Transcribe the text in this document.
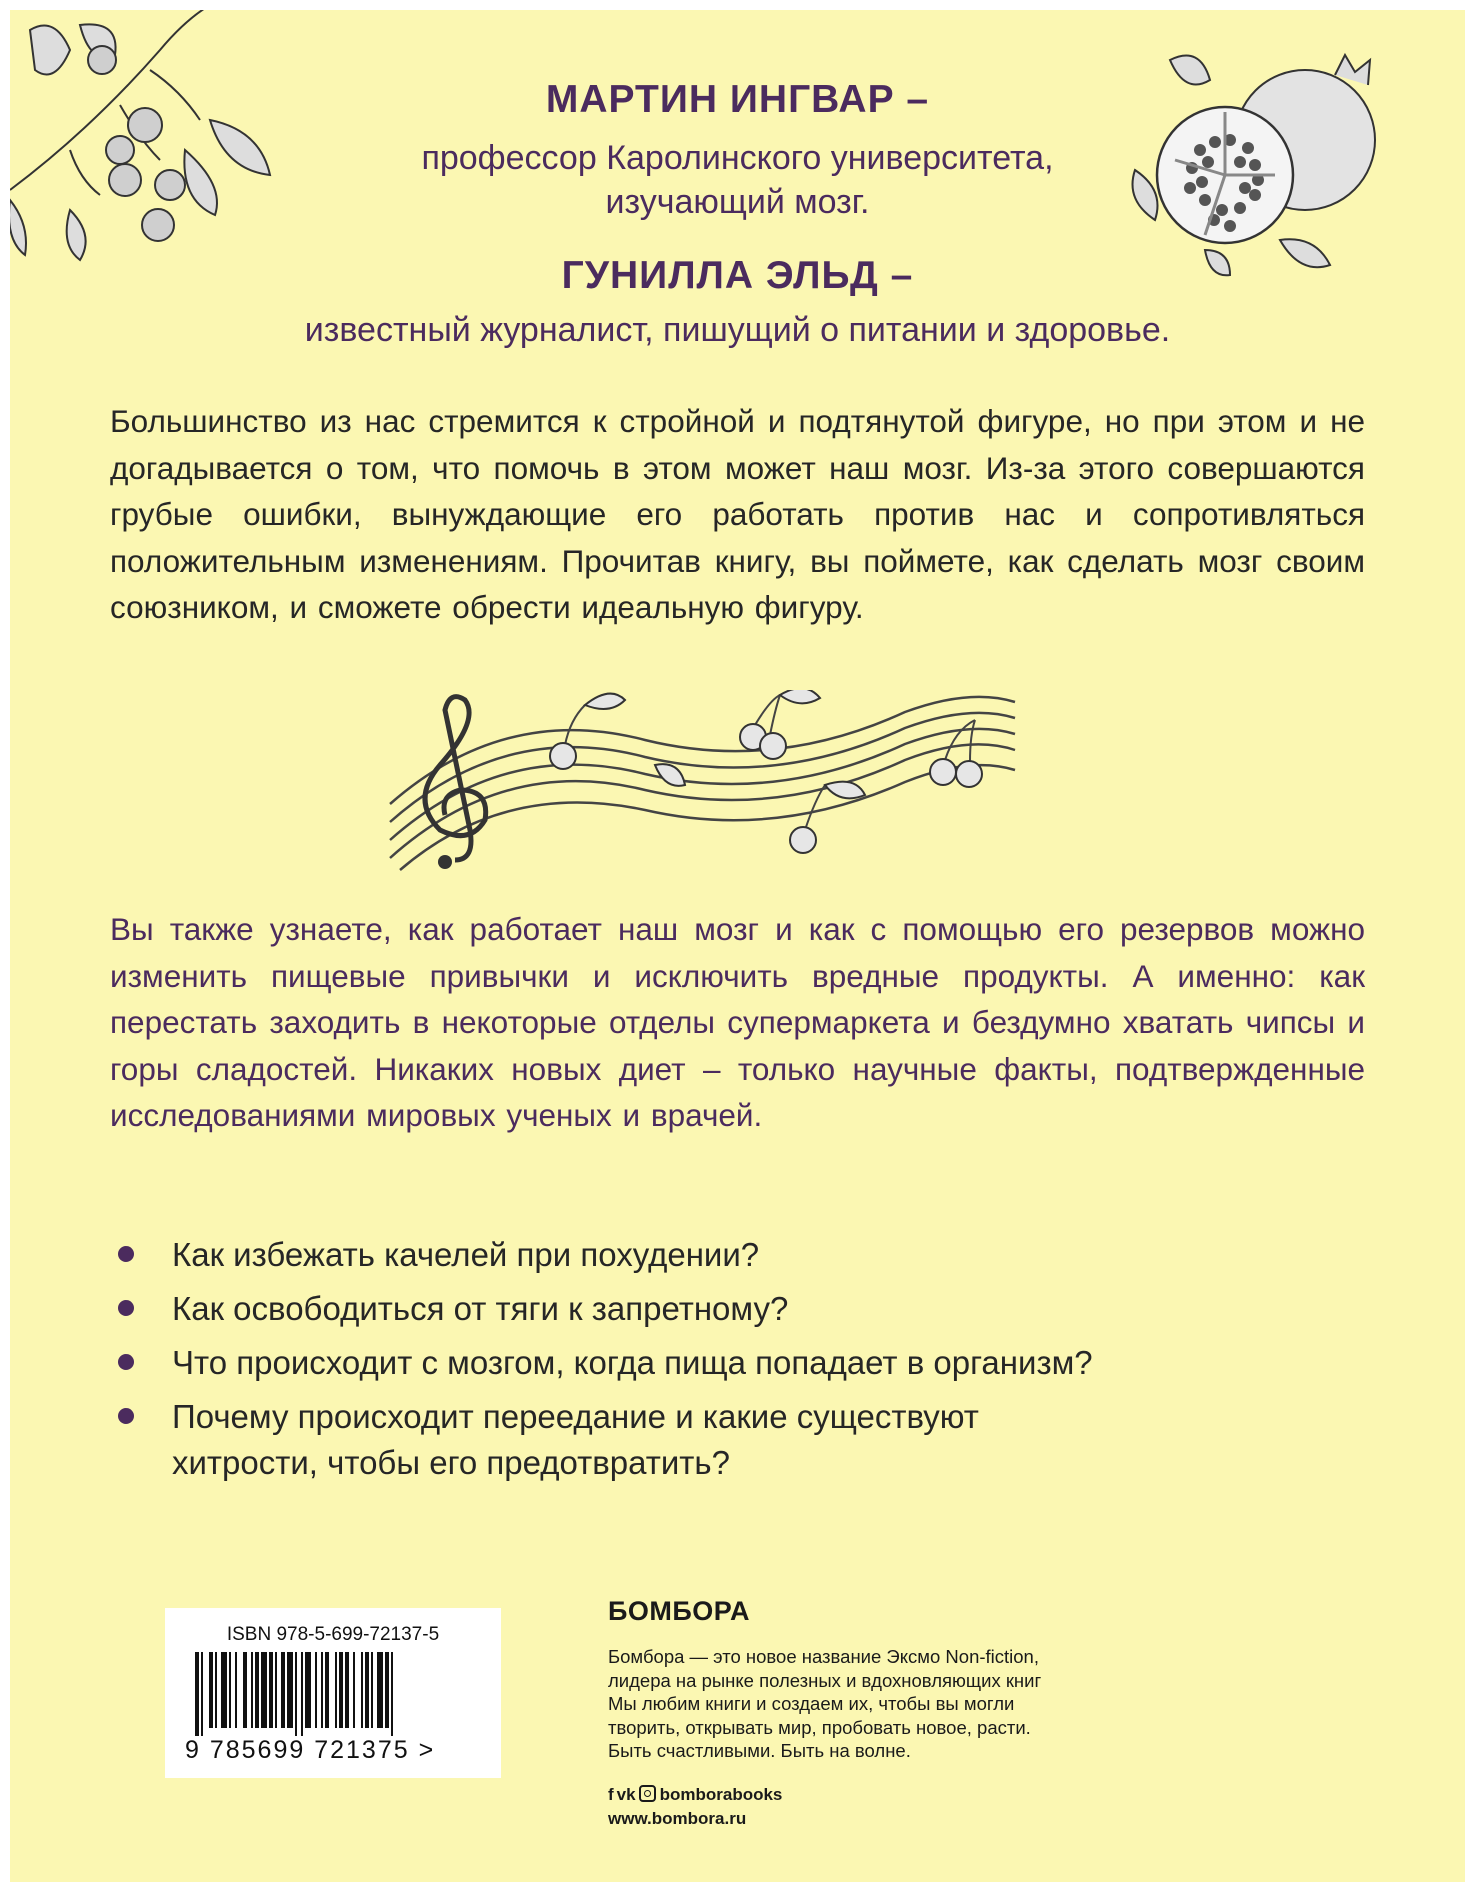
МАРТИН ИНГВАР –
профессор Каролинского университета,
изучающий мозг.
ГУНИЛЛА ЭЛЬД –
известный журналист, пишущий о питании и здоровье.
Большинство из нас стремится к стройной и подтянутой фигуре, но при этом и не догадывается о том, что помочь в этом может наш мозг. Из-за этого совершаются грубые ошибки, вынуждающие его работать против нас и сопротивляться положительным изменениям. Прочитав книгу, вы поймете, как сделать мозг своим союзником, и сможете обрести идеальную фигуру.
Вы также узнаете, как работает наш мозг и как с помощью его резервов можно изменить пищевые привычки и исключить вредные продукты. А именно: как перестать заходить в некоторые отделы супермаркета и бездумно хватать чипсы и горы сладостей. Никаких новых диет – только научные факты, подтвержденные исследованиями мировых ученых и врачей.
Как избежать качелей при похудении?
Как освободиться от тяги к запретному?
Что происходит с мозгом, когда пища попадает в организм?
Почему происходит переедание и какие существуют хитрости, чтобы его предотвратить?
ISBN 978-5-699-72137-5
9 785699 721375 >
БОМБОРА
Бомбора — это новое название Эксмо Non-fiction,
лидера на рынке полезных и вдохновляющих книг
Мы любим книги и создаем их, чтобы вы могли
творить, открывать мир, пробовать новое, расти.
Быть счастливыми. Быть на волне.
f vk bomborabooks
www.bombora.ru
